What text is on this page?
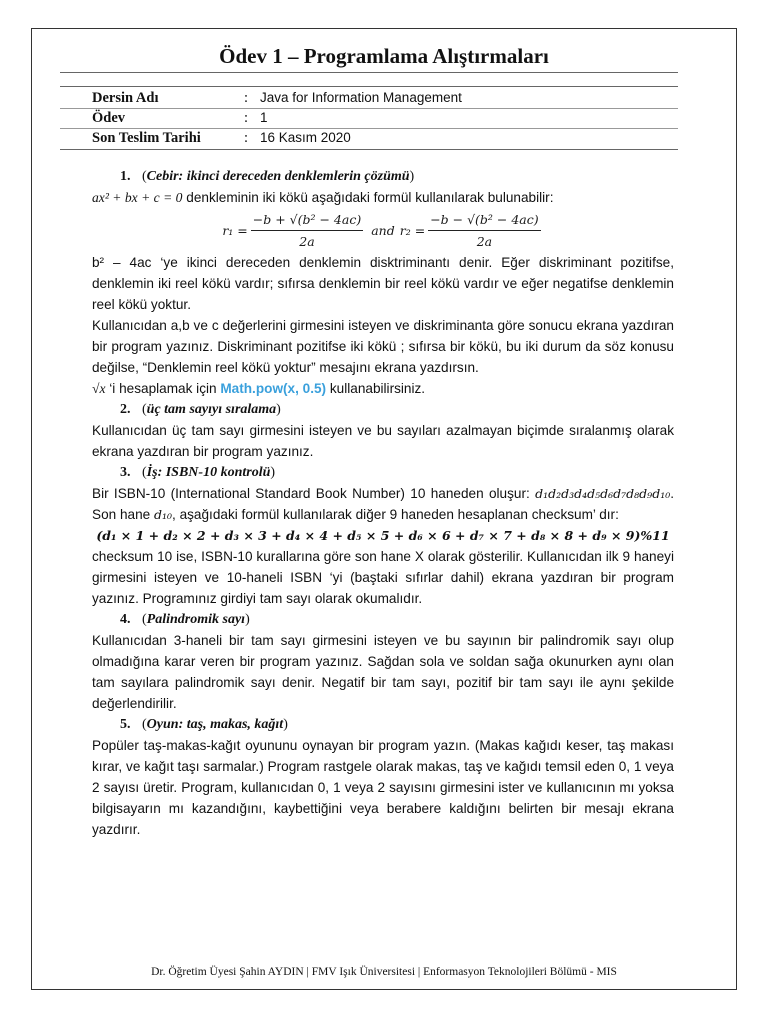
Ödev 1 – Programlama Alıştırmaları
Dersin Adı	: Java for Information Management
Ödev	: 1
Son Teslim Tarihi	: 16 Kasım 2020
1. (Cebir: ikinci dereceden denklemlerin çözümü)

ax² + bx + c = 0 denkleminin iki kökü aşağıdaki formül kullanılarak bulunabilir:

$r_1 = \frac{\text{−b + √(b² − 4ac)}}{2a}$ and $r_2 = \frac{\text{−b − √(b² − 4ac)}}{2a}$

b² – 4ac ‘ye ikinci dereceden denklemin disktriminantı denir. Eğer diskriminant pozitifse, denklemin iki reel kökü vardır; sıfırsa denklemin bir reel kökü vardır ve eğer negatifse denklemin reel kökü yoktur.

Kullanıcıdan a,b ve c değerlerini girmesini isteyen ve diskriminanta göre sonucu ekrana yazdıran bir program yazınız. Diskriminant pozitifse iki kökü ; sıfırsa bir kökü, bu iki durum da söz konusu değilse, “Denklemin reel kökü yoktur” mesajını ekrana yazdırsın.

√x ‘i hesaplamak için Math.pow(x, 0.5) kullanabilirsiniz.

2. (üç tam sayıyı sıralama)

Kullanıcıdan üç tam sayı girmesini isteyen ve bu sayıları azalmayan biçimde sıralanmış olarak ekrana yazdıran bir program yazınız.

3. (İş: ISBN-10 kontrolü)

Bir ISBN-10 (International Standard Book Number) 10 haneden oluşur: d₁d₂d₃d₄d₅d₆d₇d₈d₉d₁₀. Son hane d₁₀, aşağıdaki formül kullanılarak diğer 9 haneden hesaplanan checksum’ dır:

(d₁ × 1 + d₂ × 2 + d₃ × 3 + d₄ × 4 + d₅ × 5 + d₆ × 6 + d₇ × 7 + d₈ × 8 + d₉ × 9)%11

checksum 10 ise, ISBN-10 kurallarına göre son hane X olarak gösterilir. Kullanıcıdan ilk 9 haneyi girmesini isteyen ve 10-haneli ISBN ‘yi (baştaki sıfırlar dahil) ekrana yazdıran bir program yazınız. Programınız girdiyi tam sayı olarak okumalıdır.

4. (Palindromik sayı)

Kullanıcıdan 3-haneli bir tam sayı girmesini isteyen ve bu sayının bir palindromik sayı olup olmadığına karar veren bir program yazınız. Sağdan sola ve soldan sağa okunurken aynı olan tam sayılara palindromik sayı denir. Negatif bir tam sayı, pozitif bir tam sayı ile aynı şekilde değerlendirilir.

5. (Oyun: taş, makas, kağıt)

Popüler taş-makas-kağıt oyununu oynayan bir program yazın. (Makas kağıdı keser, taş makası kırar, ve kağıt taşı sarmalar.) Program rastgele olarak makas, taş ve kağıdı temsil eden 0, 1 veya 2 sayısı üretir. Program, kullanıcıdan 0, 1 veya 2 sayısını girmesini ister ve kullanıcının mı yoksa bilgisayarın mı kazandığını, kaybettiğini veya berabere kaldığını belirten bir mesajı ekrana yazdırır.

Dr. Öğretim Üyesi Şahin AYDIN | FMV Işık Üniversitesi | Enformasyon Teknolojileri Bölümü - MIS
